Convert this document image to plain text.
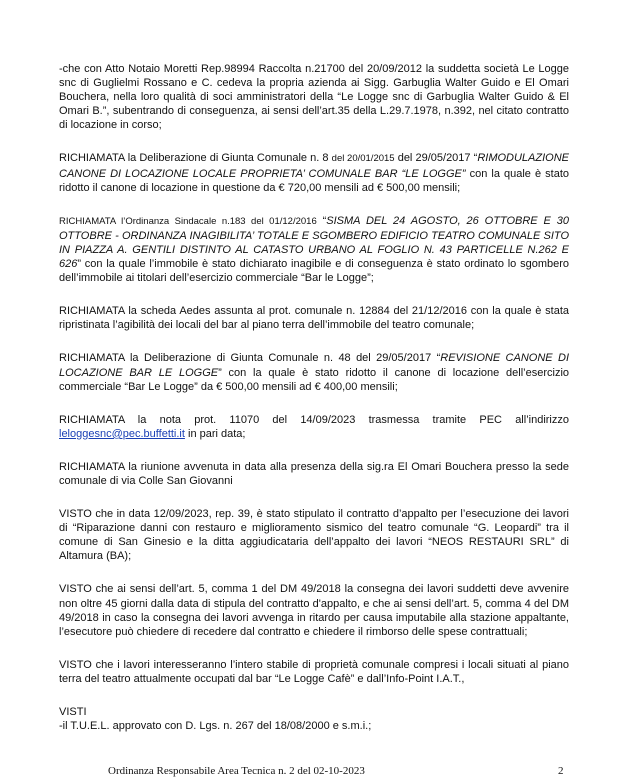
-che con Atto Notaio Moretti Rep.98994 Raccolta n.21700 del 20/09/2012 la suddetta società Le Logge snc di Guglielmi Rossano e C. cedeva la propria azienda ai Sigg. Garbuglia Walter Guido e El Omari Bouchera, nella loro qualità di soci amministratori della “Le Logge snc di Garbuglia Walter Guido & El Omari B.”, subentrando di conseguenza, ai sensi dell’art.35 della L.29.7.1978, n.392, nel citato contratto di locazione in corso;

RICHIAMATA la Deliberazione di Giunta Comunale n. 8 del 20/01/2015 del 29/05/2017 “RIMODULAZIONE CANONE DI LOCAZIONE LOCALE PROPRIETA’ COMUNALE BAR “LE LOGGE” con la quale è stato ridotto il canone di locazione in questione da € 720,00 mensili ad € 500,00 mensili;

RICHIAMATA l’Ordinanza Sindacale n.183 del 01/12/2016 “SISMA DEL 24 AGOSTO, 26 OTTOBRE E 30 OTTOBRE - ORDINANZA INAGIBILITA’ TOTALE E SGOMBERO EDIFICIO TEATRO COMUNALE SITO IN PIAZZA A. GENTILI DISTINTO AL CATASTO URBANO AL FOGLIO N. 43 PARTICELLE N.262 E 626” con la quale l’immobile è stato dichiarato inagibile e di conseguenza è stato ordinato lo sgombero dell’immobile ai titolari dell’esercizio commerciale “Bar le Logge”;

RICHIAMATA la scheda Aedes assunta al prot. comunale n. 12884 del 21/12/2016 con la quale è stata ripristinata l’agibilità dei locali del bar al piano terra dell’immobile del teatro comunale;

RICHIAMATA la Deliberazione di Giunta Comunale n. 48 del 29/05/2017 “REVISIONE CANONE DI LOCAZIONE BAR LE LOGGE” con la quale è stato ridotto il canone di locazione dell’esercizio commerciale “Bar Le Logge” da € 500,00 mensili ad € 400,00 mensili;

RICHIAMATA la nota prot. 11070 del 14/09/2023 trasmessa tramite PEC all’indirizzo leloggesnc@pec.buffetti.it in pari data;

RICHIAMATA la riunione avvenuta in data alla presenza della sig.ra El Omari Bouchera presso la sede comunale di via Colle San Giovanni

VISTO che in data 12/09/2023, rep. 39, è stato stipulato il contratto d’appalto per l’esecuzione dei lavori di “Riparazione danni con restauro e miglioramento sismico del teatro comunale “G. Leopardi” tra il comune di San Ginesio e la ditta aggiudicataria dell’appalto dei lavori “NEOS RESTAURI SRL” di Altamura (BA);

VISTO che ai sensi dell’art. 5, comma 1 del DM 49/2018 la consegna dei lavori suddetti deve avvenire non oltre 45 giorni dalla data di stipula del contratto d'appalto, e che ai sensi dell’art. 5, comma 4 del DM 49/2018 in caso la consegna dei lavori avvenga in ritardo per causa imputabile alla stazione appaltante, l’esecutore può chiedere di recedere dal contratto e chiedere il rimborso delle spese contrattuali;

VISTO che i lavori interesseranno l’intero stabile di proprietà comunale compresi i locali situati al piano terra del teatro attualmente occupati dal bar “Le Logge Cafè” e dall’Info-Point I.A.T.,

VISTI
-il T.U.E.L. approvato con D. Lgs. n. 267 del 18/08/2000 e s.m.i.;

Ordinanza Responsabile Area Tecnica n. 2 del 02-10-2023	2
